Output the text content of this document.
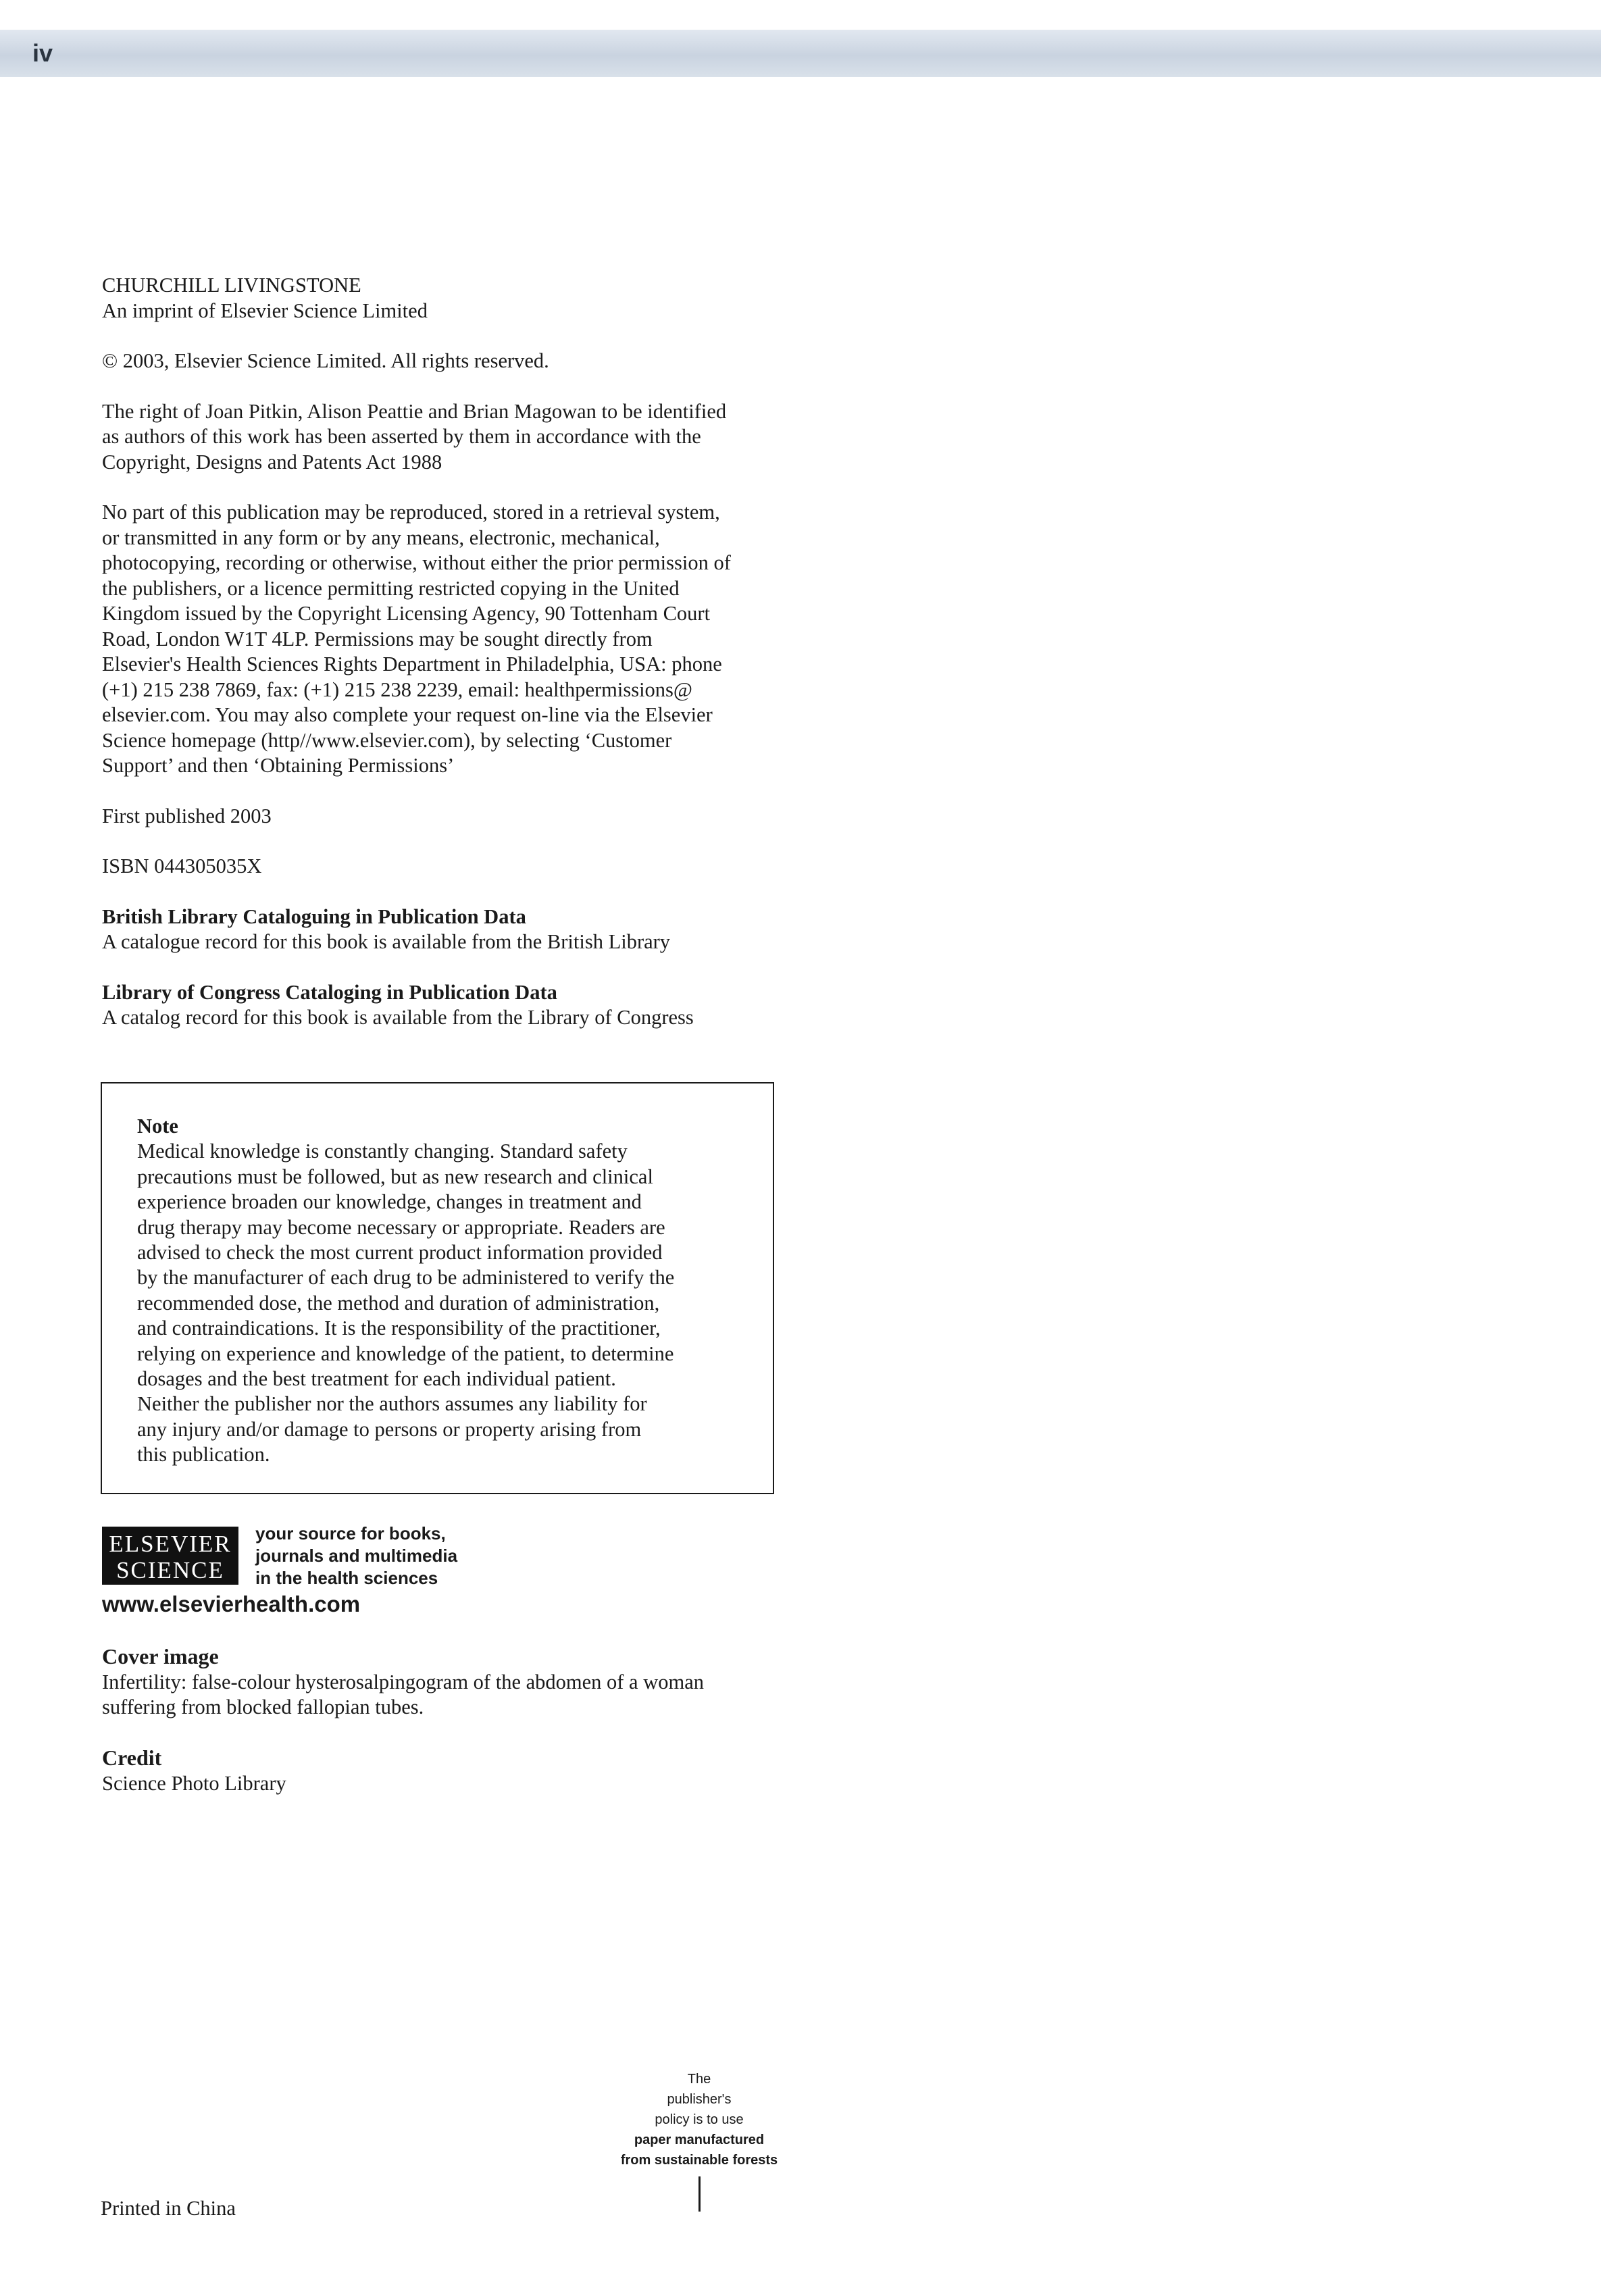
iv

CHURCHILL LIVINGSTONE

An imprint of Elsevier Science Limited

© 2003, Elsevier Science Limited. All rights reserved.

The right of Joan Pitkin, Alison Peattie and Brian Magowan to be identified

as authors of this work has been asserted by them in accordance with the

Copyright, Designs and Patents Act 1988

No part of this publication may be reproduced, stored in a retrieval system,

or transmitted in any form or by any means, electronic, mechanical,

photocopying, recording or otherwise, without either the prior permission of

the publishers, or a licence permitting restricted copying in the United

Kingdom issued by the Copyright Licensing Agency, 90 Tottenham Court

Road, London W1T 4LP. Permissions may be sought directly from

Elsevier's Health Sciences Rights Department in Philadelphia, USA: phone

(+1) 215 238 7869, fax: (+1) 215 238 2239, email: healthpermissions@

elsevier.com. You may also complete your request on-line via the Elsevier

Science homepage (http//www.elsevier.com), by selecting ‘Customer

Support’ and then ‘Obtaining Permissions’

First published 2003

ISBN 044305035X

British Library Cataloguing in Publication Data

A catalogue record for this book is available from the British Library

Library of Congress Cataloging in Publication Data

A catalog record for this book is available from the Library of Congress

Note

Medical knowledge is constantly changing. Standard safety

precautions must be followed, but as new research and clinical

experience broaden our knowledge, changes in treatment and

drug therapy may become necessary or appropriate. Readers are

advised to check the most current product information provided

by the manufacturer of each drug to be administered to verify the

recommended dose, the method and duration of administration,

and contraindications. It is the responsibility of the practitioner,

relying on experience and knowledge of the patient, to determine

dosages and the best treatment for each individual patient.

Neither the publisher nor the authors assumes any liability for

any injury and/or damage to persons or property arising from

this publication.

ELSEVIER
SCIENCE
your source for books,
journals and multimedia
in the health sciences
www.elsevierhealth.com

Cover image

Infertility: false-colour hysterosalpingogram of the abdomen of a woman

suffering from blocked fallopian tubes.

Credit

Science Photo Library

The
publisher's
policy is to use
paper manufactured
from sustainable forests
Printed in China
